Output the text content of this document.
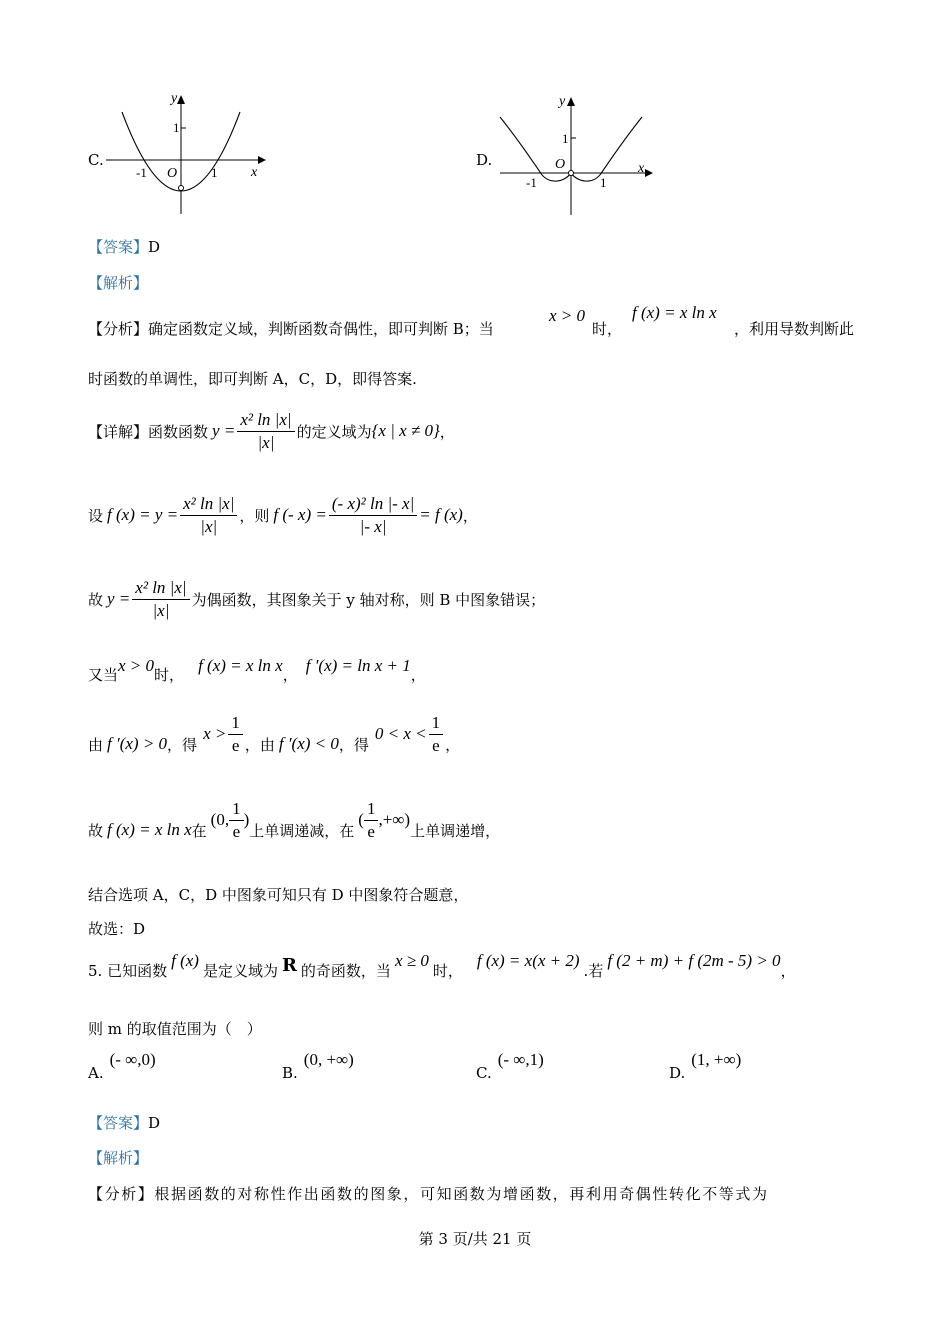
C.
y
x
O
1
-1	1
D.
y
x
O
1
-1	1
【答案】D
【解析】
【分析】确定函数定义域，判断函数奇偶性，即可判断 B；当
x > 0
时，
f (x) = x ln x
，利用导数判断此
时函数的单调性，即可判断 A，C，D，即得答案.
【详解】 函数函数 $y = \frac{\text{x² ln |x|}}{|x|}$ 的定义域为 {x | x ≠ 0} ，
设 f $(x) = y = \frac{\text{x² ln |x|}}{|x|}$ ，则 f (- $x) = \frac{\text{(- x)² ln |- x|}}{|- x|} = f$ (x) ，
故 $y = \frac{\text{x² ln |x|}}{|x|}$ 为偶函数，其图象关于 y 轴对称，则 B 中图象错误；
又当 x > 0 时， f (x) = x ln x ， f ′(x) = ln x + 1 ，
由 f ′(x) > 0 ，得
$x > \frac{1}{e}$ ，由 f ′(x) < 0 ，得
$0 < x < \frac{1}{e}$ ，
故 f (x) = x ln x 在
(0, $\frac{1}{e}$ )
上单调递减，在
( $\frac{1}{e}$ ,+∞)
上单调递增，
结合选项 A，C，D 中图象可知只有 D 中图象符合题意，
故选：D
5. 已知函数
f (x)
是定义域为 R 的奇函数，当
x ≥ 0
时，
f (x) = x(x + 2)
.若
f (2 + m) + f (2m - 5) > 0
，
则 m 的取值范围为（　）
A.
(- ∞,0)
B.
(0, +∞)
C.
(- ∞,1)
D.
(1, +∞)
【答案】D
【解析】
【分析】根据函数的对称性作出函数的图象，可知函数为增函数，再利用奇偶性转化不等式为
第 3 页/共 21 页
